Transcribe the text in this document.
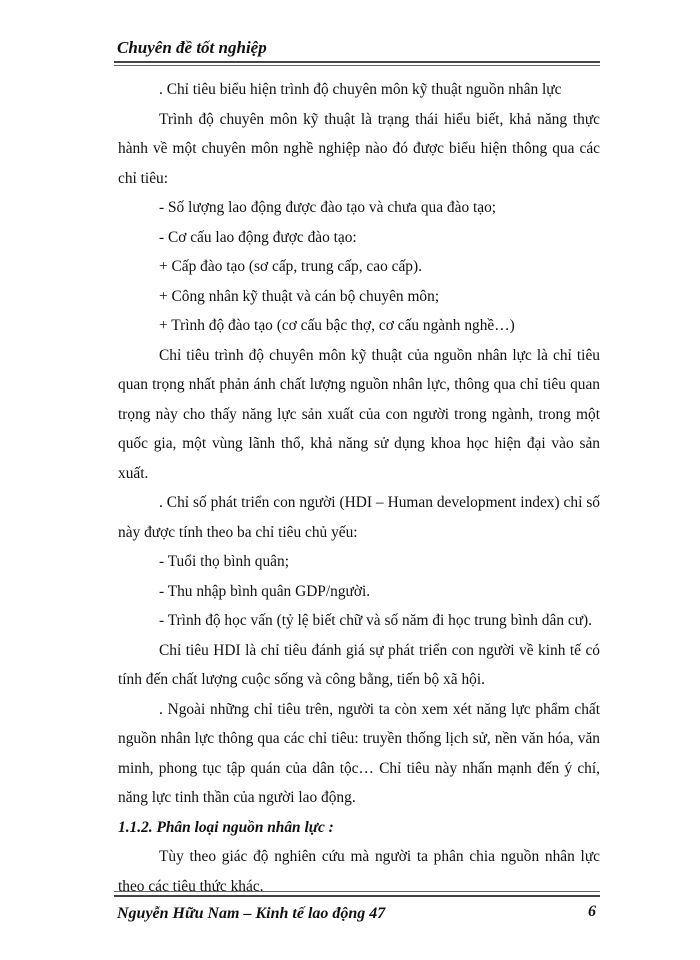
Chuyên đề tốt nghiệp

. Chỉ tiêu biểu hiện trình độ chuyên môn kỹ thuật nguồn nhân lực

Trình độ chuyên môn kỹ thuật là trạng thái hiểu biết, khả năng thực hành về một chuyên môn nghề nghiệp nào đó được biểu hiện thông qua các chỉ tiêu:

- Số lượng lao động được đào tạo và chưa qua đào tạo;

- Cơ cấu lao động được đào tạo:

+ Cấp đào tạo (sơ cấp, trung cấp, cao cấp).

+ Công nhân kỹ thuật và cán bộ chuyên môn;

+ Trình độ đào tạo (cơ cấu bậc thợ, cơ cấu ngành nghề…)

Chỉ tiêu trình độ chuyên môn kỹ thuật của nguồn nhân lực là chỉ tiêu quan trọng nhất phản ánh chất lượng nguồn nhân lực, thông qua chỉ tiêu quan trọng này cho thấy năng lực sản xuất của con người trong ngành, trong một quốc gia, một vùng lãnh thổ, khả năng sử dụng khoa học hiện đại vào sản xuất.

. Chỉ số phát triển con người (HDI – Human development index) chỉ số này được tính theo ba chỉ tiêu chủ yếu:

- Tuổi thọ bình quân;

- Thu nhập bình quân GDP/người.

- Trình độ học vấn (tỷ lệ biết chữ và số năm đi học trung bình dân cư).

Chỉ tiêu HDI là chỉ tiêu đánh giá sự phát triển con người về kinh tế có tính đến chất lượng cuộc sống và công bằng, tiến bộ xã hội.

. Ngoài những chỉ tiêu trên, người ta còn xem xét năng lực phẩm chất nguồn nhân lực thông qua các chỉ tiêu: truyền thống lịch sử, nền văn hóa, văn minh, phong tục tập quán của dân tộc… Chỉ tiêu này nhấn mạnh đến ý chí, năng lực tinh thần của người lao động.

1.1.2. Phân loại nguồn nhân lực :

Tùy theo giác độ nghiên cứu mà người ta phân chia nguồn nhân lực theo các tiêu thức khác.

Nguyễn Hữu Nam – Kinh tế lao động 47	6
